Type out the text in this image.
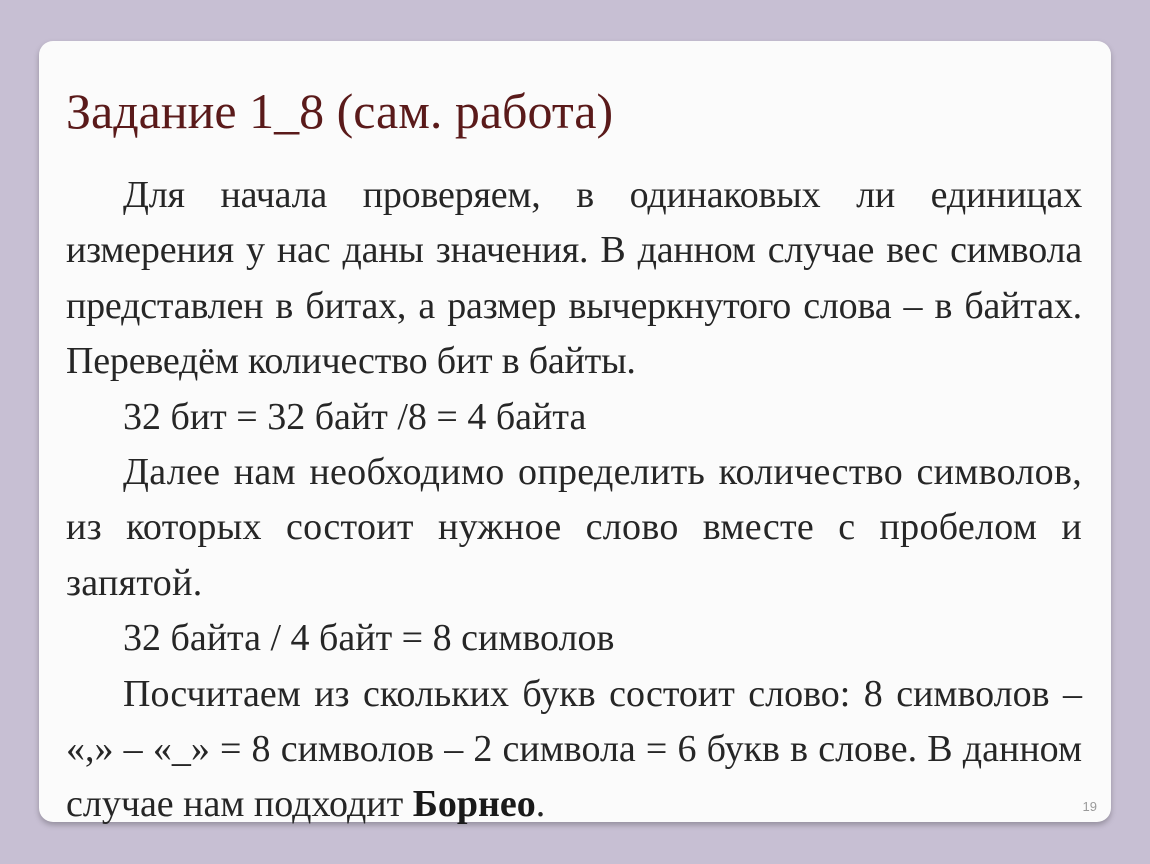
Задание 1_8 (сам. работа)

Для начала проверяем, в одинаковых ли единицах измерения у нас даны значения. В данном случае вес символа представлен в битах, а размер вычеркнутого слова – в байтах. Переведём количество бит в байты.

32 бит = 32 байт /8 = 4 байта

Далее нам необходимо определить количество символов, из которых состоит нужное слово вместе с пробелом и запятой.

32 байта / 4 байт = 8 символов

Посчитаем из скольких букв состоит слово: 8 символов – «,» – «_» = 8 символов – 2 символа = 6 букв в слове. В данном случае нам подходит Борнео.	19
